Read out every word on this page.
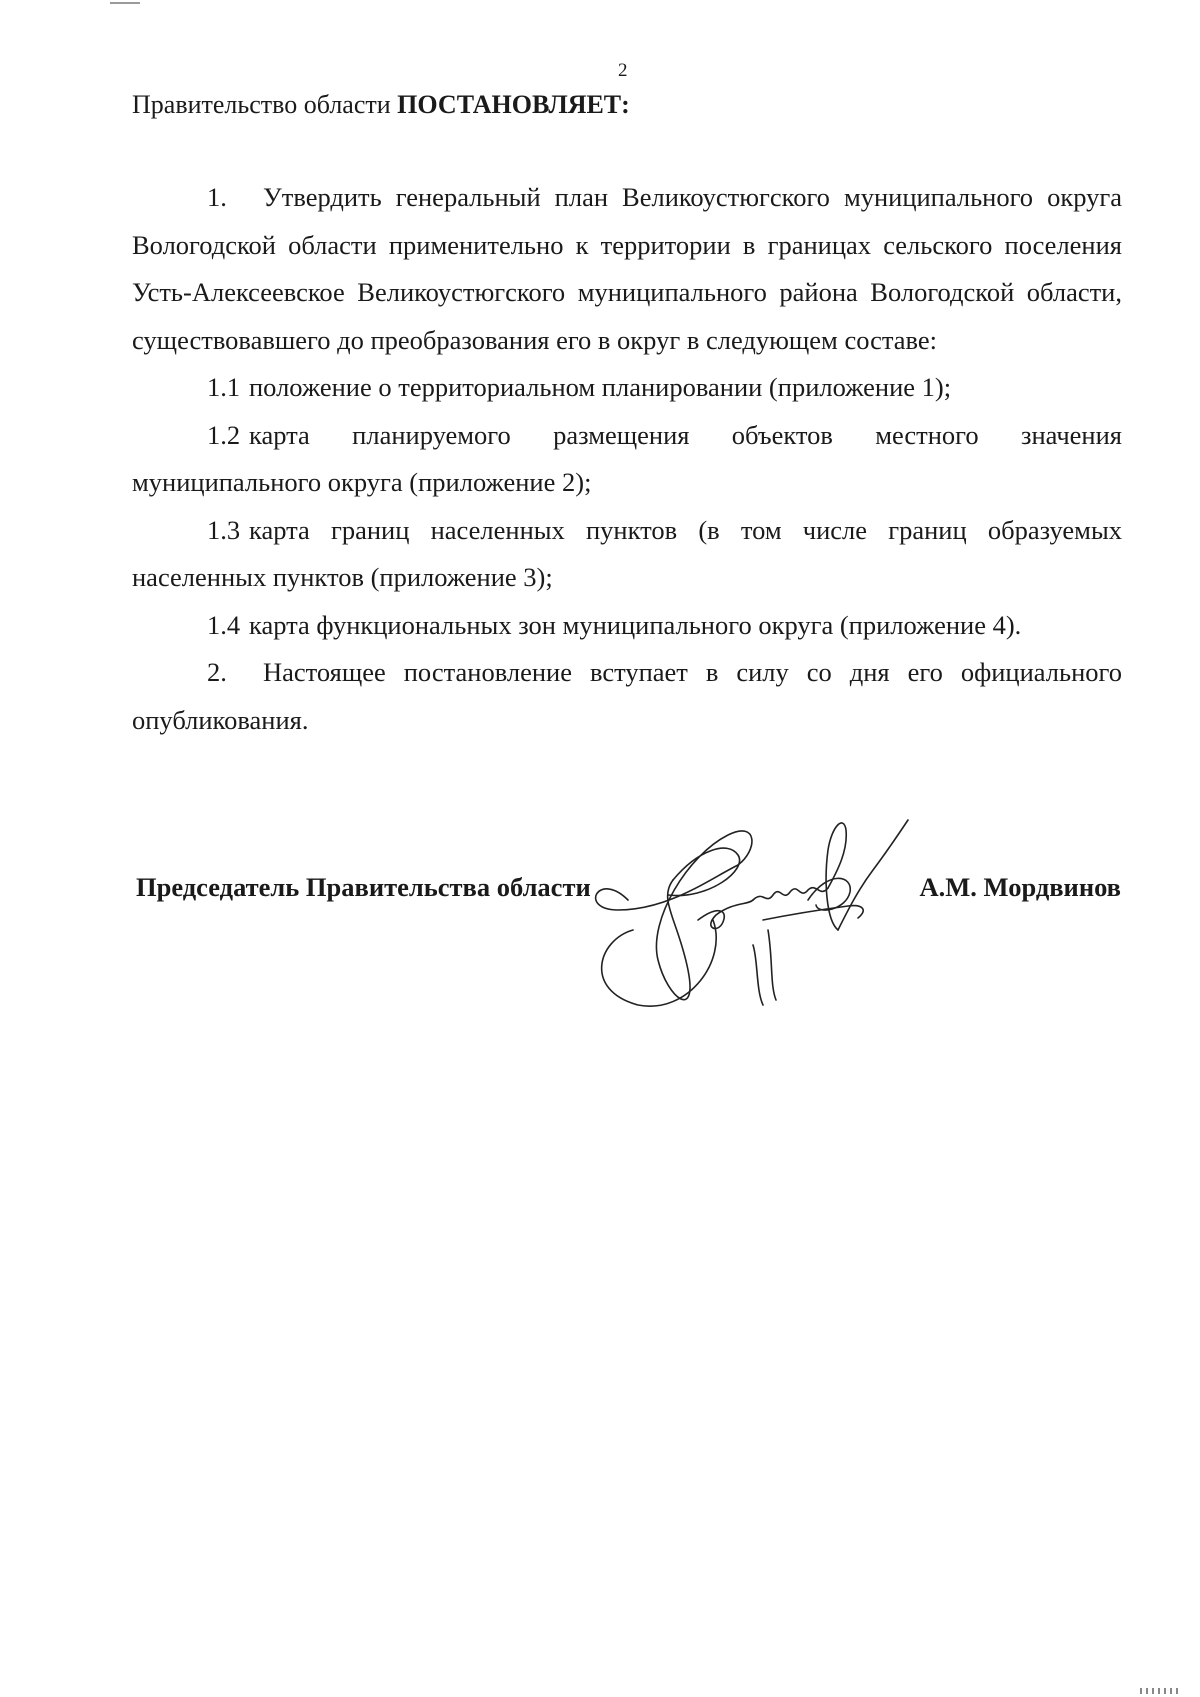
2
Правительство области ПОСТАНОВЛЯЕТ:

1. Утвердить генеральный план Великоустюгского муниципального округа Вологодской области применительно к территории в границах сельского поселения Усть-Алексеевское Великоустюгского муниципального района Вологодской области, существовавшего до преобразования его в округ в следующем составе:

1.1 положение о территориальном планировании (приложение 1);

1.2 карта планируемого размещения объектов местного значения муниципального округа (приложение 2);

1.3 карта границ населенных пунктов (в том числе границ образуемых населенных пунктов (приложение 3);

1.4 карта функциональных зон муниципального округа (приложение 4).

2. Настоящее постановление вступает в силу со дня его официального опубликования.

Председатель Правительства области	А.М. Мордвинов
